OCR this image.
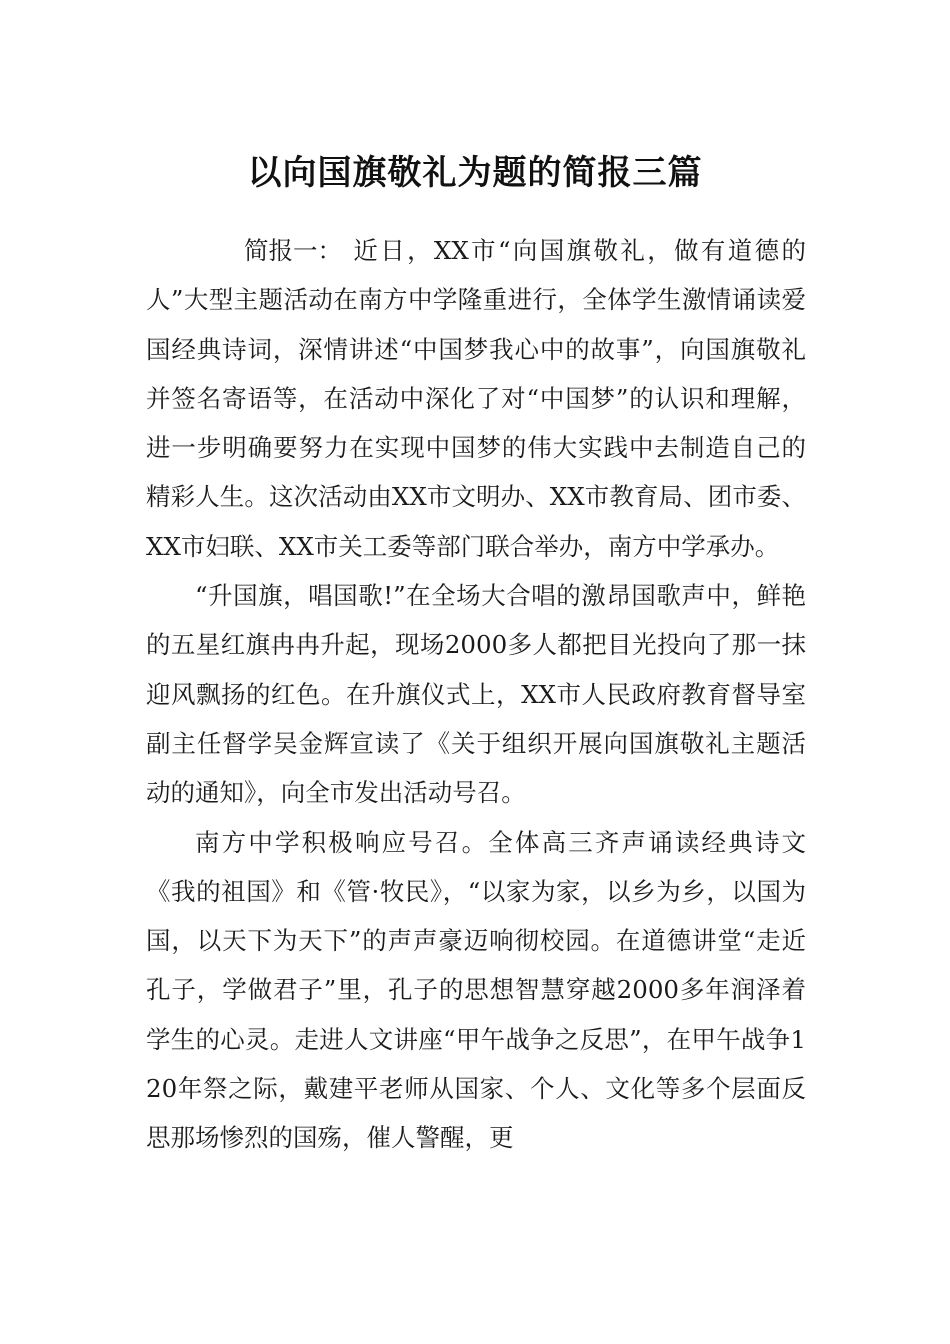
以向国旗敬礼为题的简报三篇

简报一： 近日，XX市“向国旗敬礼，做有道德的人”大型主题活动在南方中学隆重进行，全体学生激情诵读爱国经典诗词，深情讲述“中国梦我心中的故事”，向国旗敬礼并签名寄语等，在活动中深化了对“中国梦”的认识和理解，进一步明确要努力在实现中国梦的伟大实践中去制造自己的精彩人生。这次活动由XX市文明办、XX市教育局、团市委、XX市妇联、XX市关工委等部门联合举办，南方中学承办。

“升国旗，唱国歌!”在全场大合唱的激昂国歌声中，鲜艳的五星红旗冉冉升起，现场2000多人都把目光投向了那一抹迎风飘扬的红色。在升旗仪式上，XX市人民政府教育督导室副主任督学吴金辉宣读了《关于组织开展向国旗敬礼主题活动的通知》，向全市发出活动号召。

南方中学积极响应号召。全体高三齐声诵读经典诗文《我的祖国》和《管·牧民》，“以家为家，以乡为乡，以国为国，以天下为天下”的声声豪迈响彻校园。在道德讲堂“走近孔子，学做君子”里，孔子的思想智慧穿越2000多年润泽着学生的心灵。走进人文讲座“甲午战争之反思”，在甲午战争120年祭之际，戴建平老师从国家、个人、文化等多个层面反思那场惨烈的国殇，催人警醒，更
